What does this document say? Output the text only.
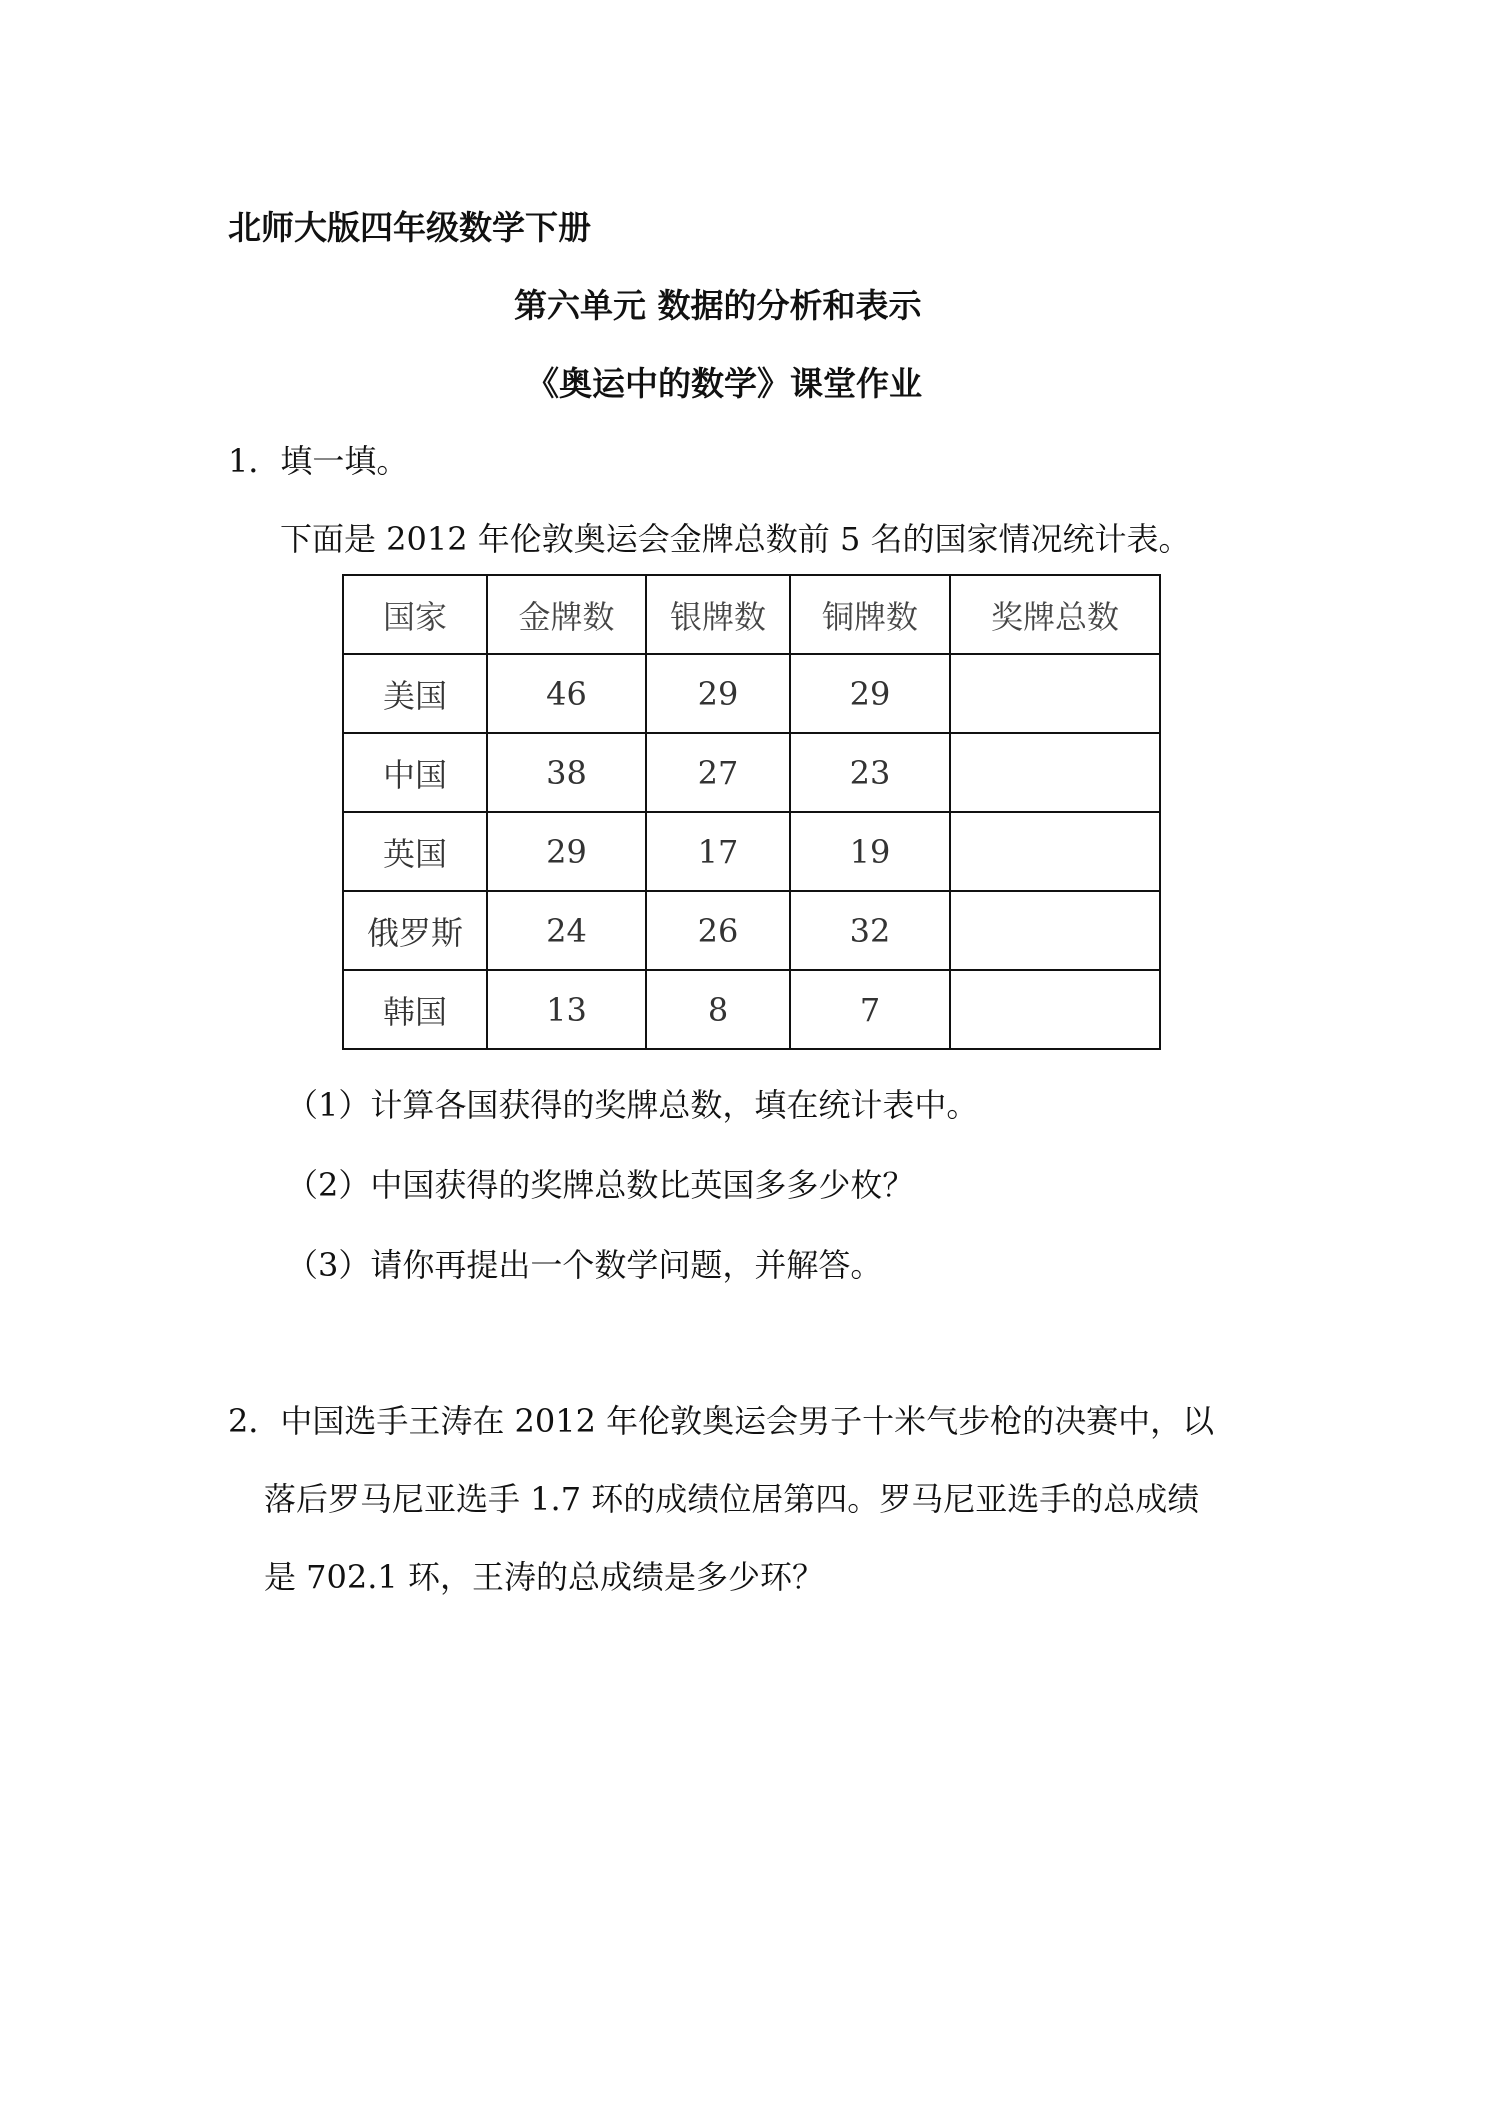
北师大版四年级数学下册
第六单元 数据的分析和表示
《奥运中的数学》课堂作业
1．填一填。
下面是 2012 年伦敦奥运会金牌总数前 5 名的国家情况统计表。
国家	金牌数	银牌数	铜牌数	奖牌总数
美国	46	29	29	
中国	38	27	23	
英国	29	17	19	
俄罗斯	24	26	32	
韩国	13	8	7	
（1）计算各国获得的奖牌总数，填在统计表中。
（2）中国获得的奖牌总数比英国多多少枚？
（3）请你再提出一个数学问题，并解答。
2．中国选手王涛在 2012 年伦敦奥运会男子十米气步枪的决赛中，以
落后罗马尼亚选手 1.7 环的成绩位居第四。罗马尼亚选手的总成绩
是 702.1 环，王涛的总成绩是多少环？
